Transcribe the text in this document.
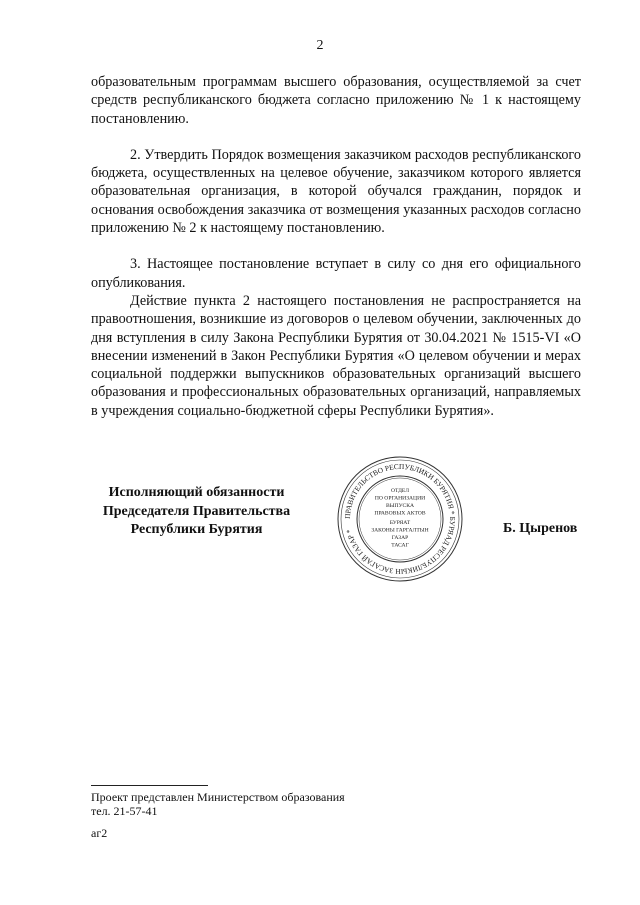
2

образовательным программам высшего образования, осуществляемой за счет средств республиканского бюджета согласно приложению № 1 к настоящему постановлению.

2. Утвердить Порядок возмещения заказчиком расходов республиканского бюджета, осуществленных на целевое обучение, заказчиком которого является образовательная организация, в которой обучался гражданин, порядок и основания освобождения заказчика от возмещения указанных расходов согласно приложению № 2 к настоящему постановлению.

3. Настоящее постановление вступает в силу со дня его официального опубликования.

Действие пункта 2 настоящего постановления не распространяется на правоотношения, возникшие из договоров о целевом обучении, заключенных до дня вступления в силу Закона Республики Бурятия от 30.04.2021 № 1515-VI «О внесении изменений в Закон Республики Бурятия «О целевом обучении и мерах социальной поддержки выпускников образовательных организаций высшего образования и профессиональных образовательных организаций, направляемых в учреждения социально-бюджетной сферы Республики Бурятия».

Исполняющий обязанности
Председателя Правительства
Республики Бурятия
ПРАВИТЕЛЬСТВО РЕСПУБЛИКИ БУРЯТИЯ * БУРЯАД РЕСПУБЛИКЫН ЗАСАГАЙ ГАЗАР *
ОТДЕЛ
ПО ОРГАНИЗАЦИИ
ВЫПУСКА
ПРАВОВЫХ АКТОВ
БУРЯАТ
ЗАКОНЫ ГАРГАЛТЫН
ГАЗАР
ТАСАГ
Б. Цыренов
Проект представлен Министерством образования
тел. 21-57-41
аг2
